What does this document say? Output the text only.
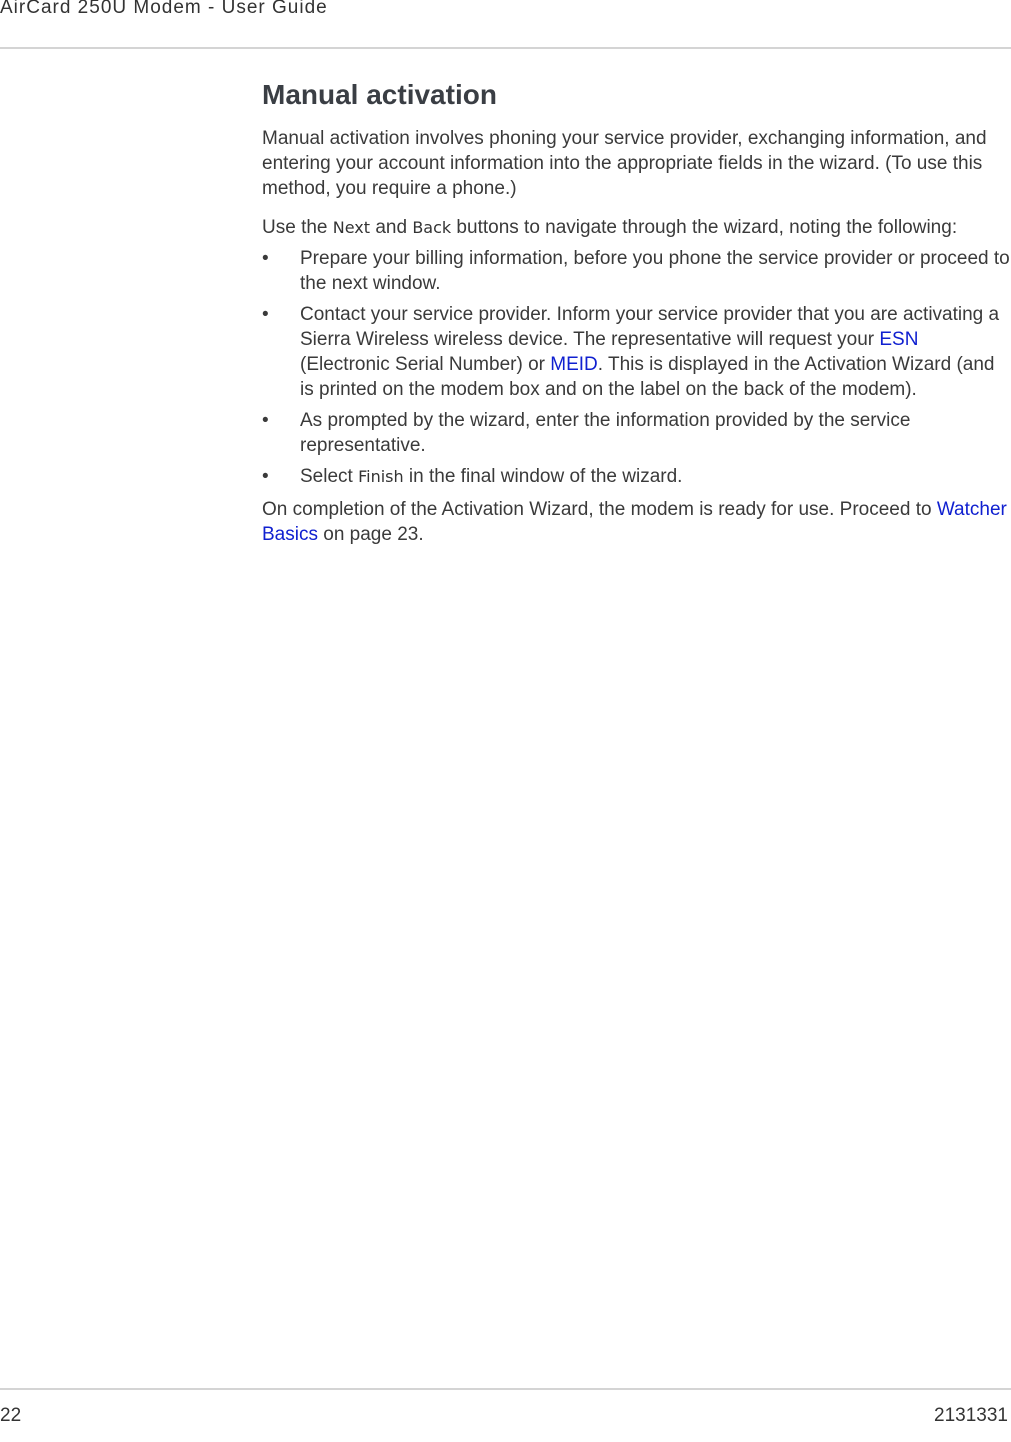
AirCard 250U Modem - User Guide
Manual activation

Manual activation involves phoning your service provider, exchanging information, and entering your account information into the appropriate fields in the wizard. (To use this method, you require a phone.)

Use the Next and Back buttons to navigate through the wizard, noting the following:

• Prepare your billing information, before you phone the service provider or proceed to the next window.
• Contact your service provider. Inform your service provider that you are activating a Sierra Wireless wireless device. The representative will request your ESN (Electronic Serial Number) or MEID. This is displayed in the Activation Wizard (and is printed on the modem box and on the label on the back of the modem).
• As prompted by the wizard, enter the information provided by the service representative.
• Select Finish in the final window of the wizard.

On completion of the Activation Wizard, the modem is ready for use. Proceed to Watcher Basics on page 23.

22	2131331
